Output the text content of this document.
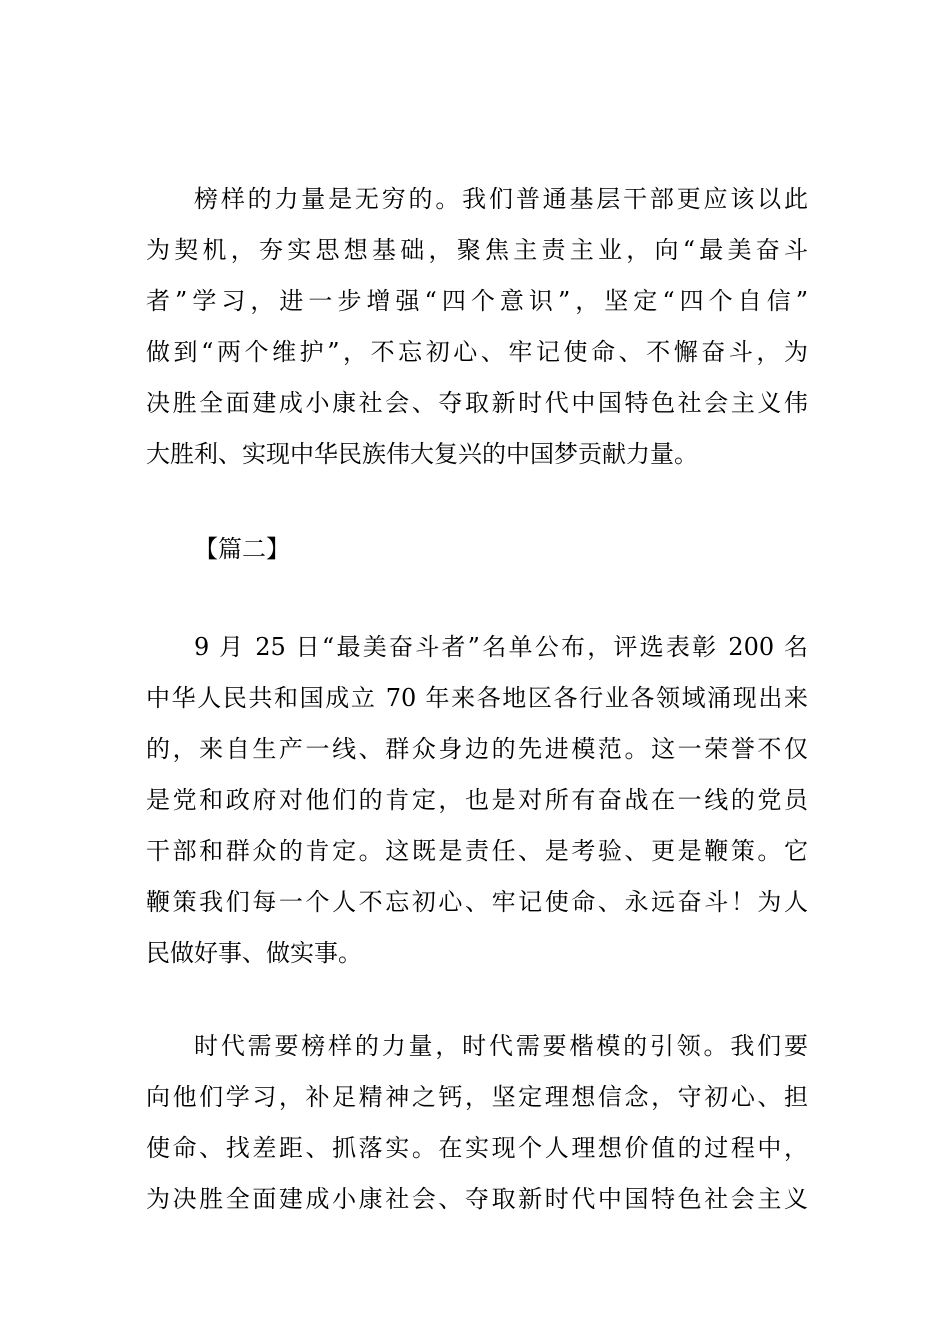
榜样的力量是无穷的。我们普通基层干部更应该以此
为契机，夯实思想基础，聚焦主责主业，向“最美奋斗
者”学习，进一步增强“四个意识”，坚定“四个自信”
做到“两个维护”，不忘初心、牢记使命、不懈奋斗，为
决胜全面建成小康社会、夺取新时代中国特色社会主义伟
大胜利、实现中华民族伟大复兴的中国梦贡献力量。
【篇二】
9 月 25 日“最美奋斗者”名单公布，评选表彰 200 名
中华人民共和国成立 70 年来各地区各行业各领域涌现出来
的，来自生产一线、群众身边的先进模范。这一荣誉不仅
是党和政府对他们的肯定，也是对所有奋战在一线的党员
干部和群众的肯定。这既是责任、是考验、更是鞭策。它
鞭策我们每一个人不忘初心、牢记使命、永远奋斗！为人
民做好事、做实事。
时代需要榜样的力量，时代需要楷模的引领。我们要
向他们学习，补足精神之钙，坚定理想信念，守初心、担
使命、找差距、抓落实。在实现个人理想价值的过程中，
为决胜全面建成小康社会、夺取新时代中国特色社会主义
